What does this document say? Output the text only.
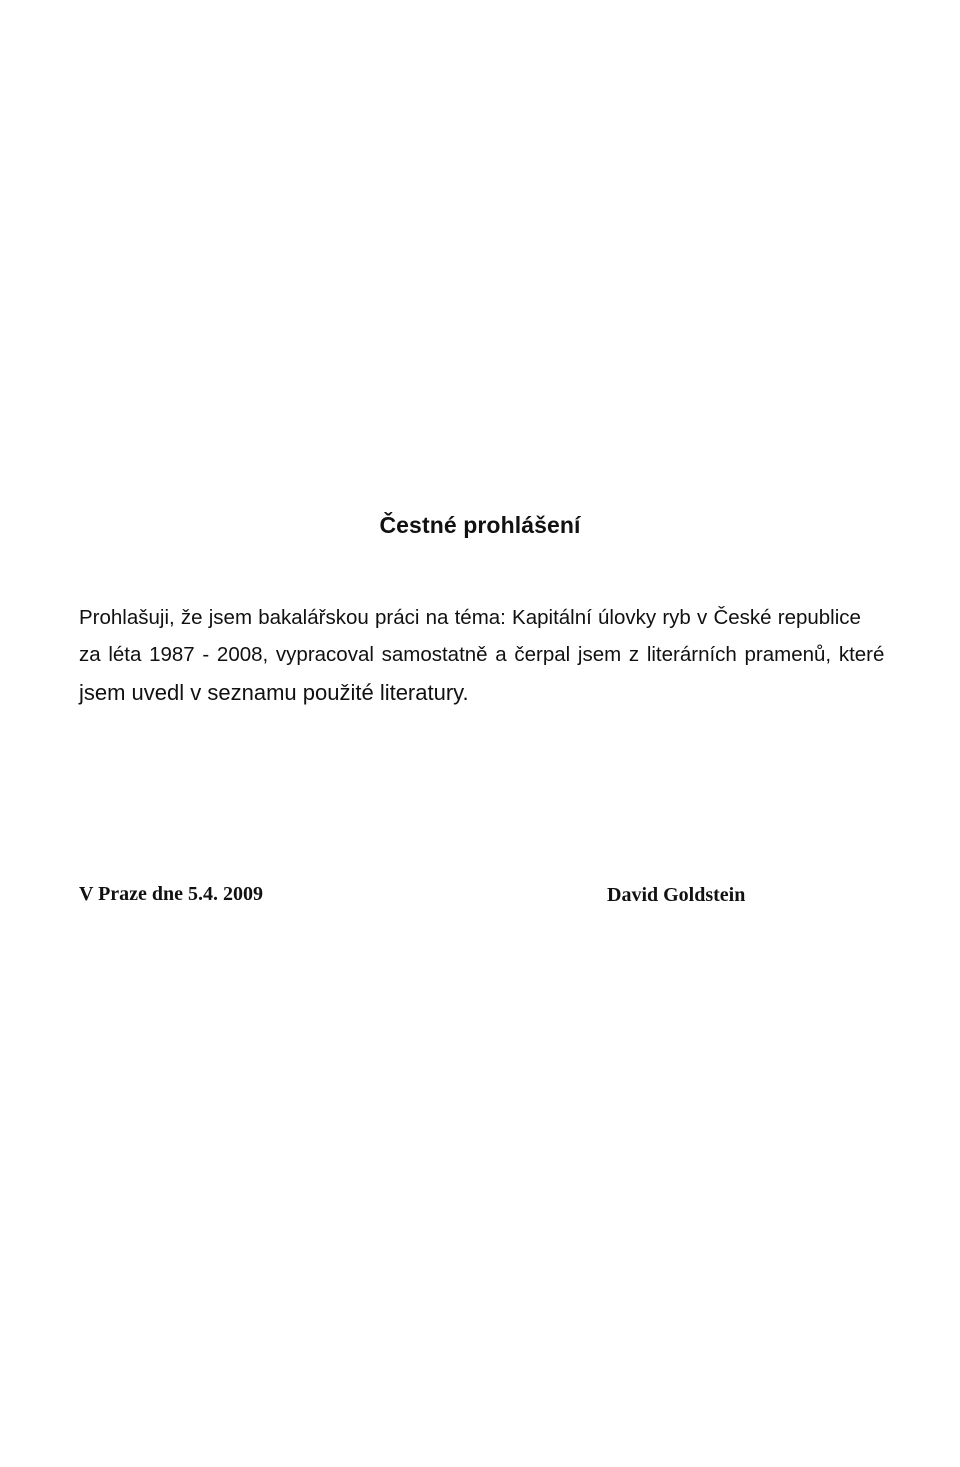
Čestné prohlášení
Prohlašuji, že jsem bakalářskou práci na téma: Kapitální úlovky ryb v České republice
za léta 1987 - 2008, vypracoval samostatně a čerpal jsem z literárních pramenů, které
jsem uvedl v seznamu použité literatury.
V Praze dne 5.4. 2009	David Goldstein
